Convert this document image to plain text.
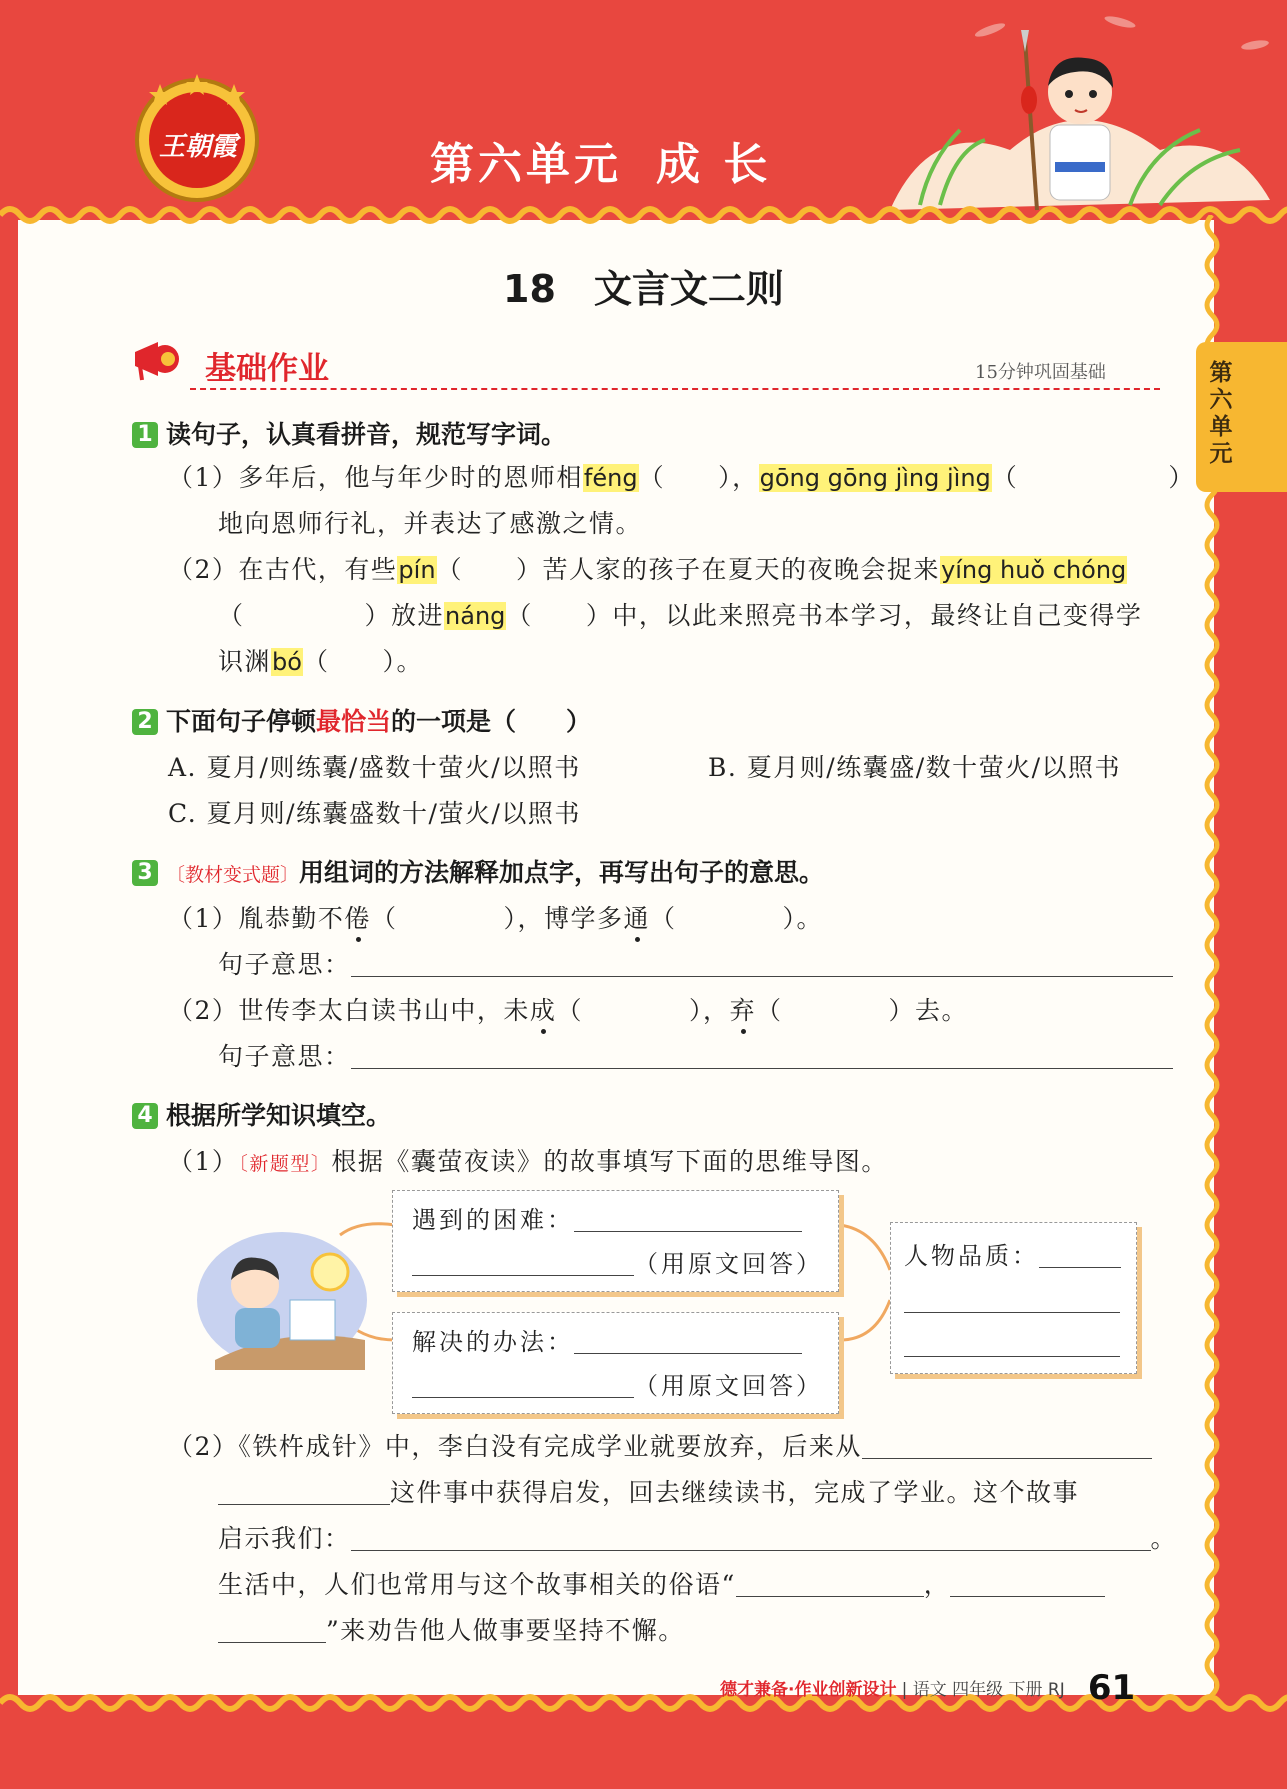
王朝霞	第六单元 成 长
第六单元
18　文言文二则
基础作业	15分钟巩固基础
1 读句子，认真看拼音，规范写字词。
（1）多年后，他与年少时的恩师相féng（　　），gōng gōng jìng jìng（	）
地向恩师行礼，并表达了感激之情。
（2）在古代，有些pín（　　）苦人家的孩子在夏天的夜晚会捉来yíng huǒ chóng
（	）放进náng（　　）中，以此来照亮书本学习，最终让自己变得学
识渊bó（　　）。
2 下面句子停顿最恰当的一项是（　　）
A. 夏月/则练囊/盛数十萤火/以照书	B. 夏月则/练囊盛/数十萤火/以照书
C. 夏月则/练囊盛数十/萤火/以照书
3 〔教材变式题〕用组词的方法解释加点字，再写出句子的意思。
（1）胤恭勤不倦（　　　　），博学多通（　　　　）。
句子意思：
（2）世传李太白读书山中，未成（　　　　），弃（　　　　）去。
句子意思：
4 根据所学知识填空。
（1）〔新题型〕根据《囊萤夜读》的故事填写下面的思维导图。
遇到的困难：
（用原文回答）
解决的办法：
（用原文回答）
人物品质：
（2）《铁杵成针》中，李白没有完成学业就要放弃，后来从
这件事中获得启发，回去继续读书，完成了学业。这个故事
启示我们：	。
生活中，人们也常用与这个故事相关的俗语“	，
”来劝告他人做事要坚持不懈。
德才兼备·作业创新设计 | 语文 四年级 下册 RJ 61
